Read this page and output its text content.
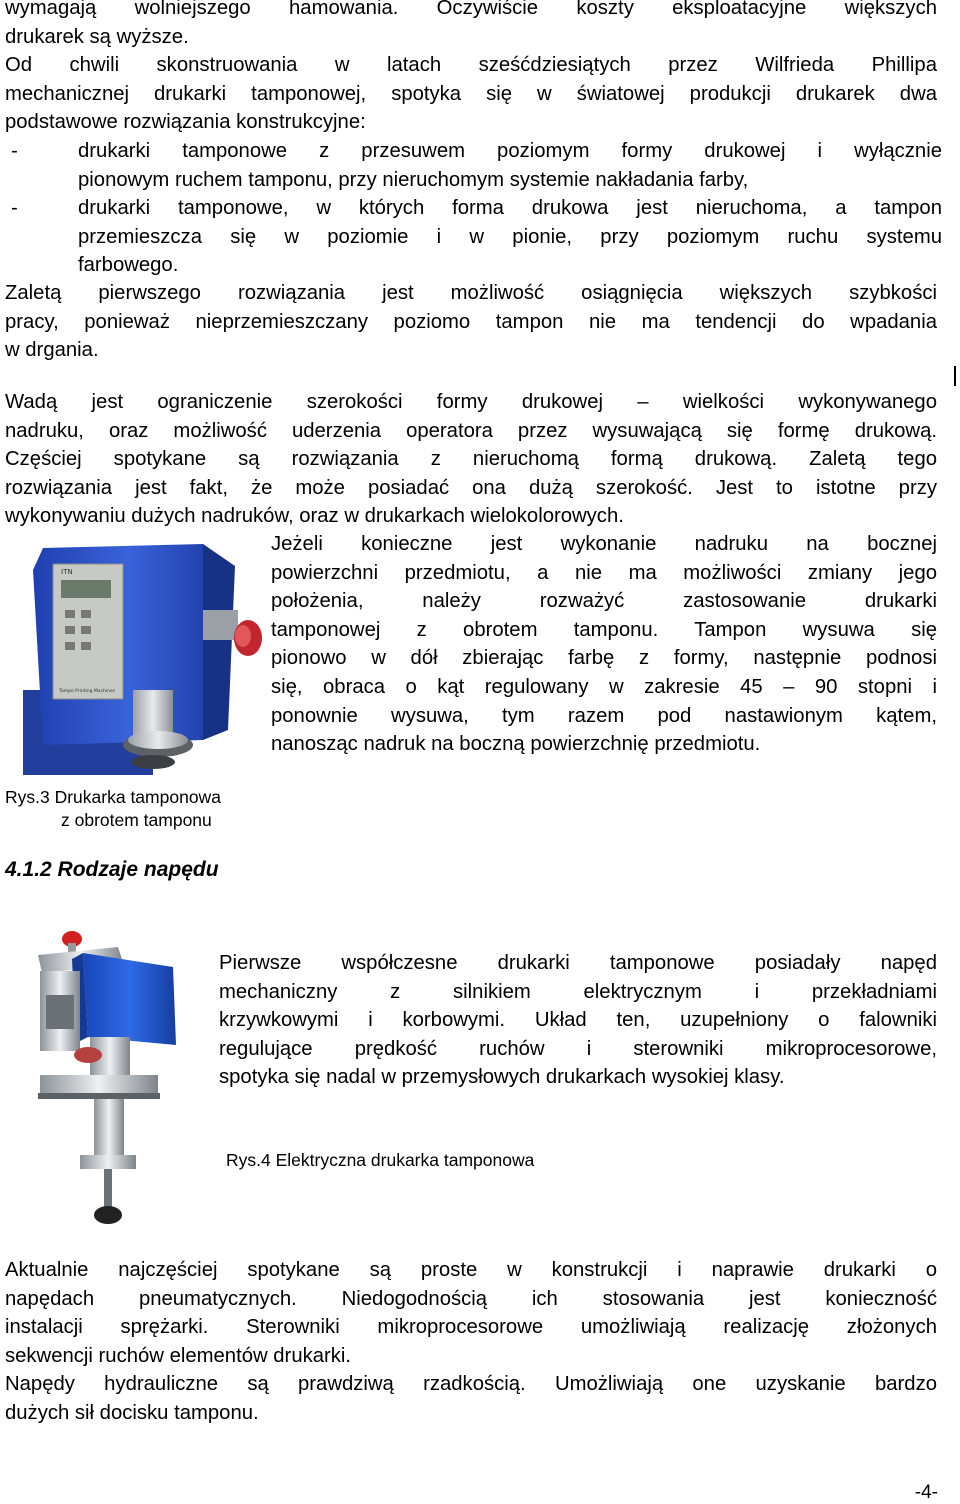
wymagają wolniejszego hamowania. Oczywiście koszty eksploatacyjne większych
drukarek są wyższe.
Od chwili skonstruowania w latach sześćdziesiątych przez Wilfrieda Phillipa
mechanicznej drukarki tamponowej, spotyka się w światowej produkcji drukarek dwa
podstawowe rozwiązania konstrukcyjne:
-	drukarki tamponowe z przesuwem poziomym formy drukowej i wyłącznie
pionowym ruchem tamponu, przy nieruchomym systemie nakładania farby,
-	drukarki tamponowe, w których forma drukowa jest nieruchoma, a tampon
przemieszcza się w poziomie i w pionie, przy poziomym ruchu systemu
farbowego.
Zaletą pierwszego rozwiązania jest możliwość osiągnięcia większych szybkości
pracy, ponieważ nieprzemieszczany poziomo tampon nie ma tendencji do wpadania
w drgania.
Wadą jest ograniczenie szerokości formy drukowej – wielkości wykonywanego
nadruku, oraz możliwość uderzenia operatora przez wysuwającą się formę drukową.
Częściej spotykane są rozwiązania z nieruchomą formą drukową. Zaletą tego
rozwiązania jest fakt, że może posiadać ona dużą szerokość. Jest to istotne przy
wykonywaniu dużych nadruków, oraz w drukarkach wielokolorowych.
ITN
Tampo Printing Machines
Jeżeli konieczne jest wykonanie nadruku na bocznej
powierzchni przedmiotu, a nie ma możliwości zmiany jego
położenia, należy rozważyć zastosowanie drukarki
tamponowej z obrotem tamponu. Tampon wysuwa się
pionowo w dół zbierając farbę z formy, następnie podnosi
się, obraca o kąt regulowany w zakresie 45 – 90 stopni i
ponownie wysuwa, tym razem pod nastawionym kątem,
nanosząc nadruk na boczną powierzchnię przedmiotu.
Rys.3 Drukarka tamponowa
z obrotem tamponu
4.1.2 Rodzaje napędu
Pierwsze współczesne drukarki tamponowe posiadały napęd
mechaniczny z silnikiem elektrycznym i przekładniami
krzywkowymi i korbowymi. Układ ten, uzupełniony o falowniki
regulujące prędkość ruchów i sterowniki mikroprocesorowe,
spotyka się nadal w przemysłowych drukarkach wysokiej klasy.
Rys.4 Elektryczna drukarka tamponowa
Aktualnie najczęściej spotykane są proste w konstrukcji i naprawie drukarki o
napędach pneumatycznych. Niedogodnością ich stosowania jest konieczność
instalacji sprężarki. Sterowniki mikroprocesorowe umożliwiają realizację złożonych
sekwencji ruchów elementów drukarki.
Napędy hydrauliczne są prawdziwą rzadkością. Umożliwiają one uzyskanie bardzo
dużych sił docisku tamponu.
-4-
